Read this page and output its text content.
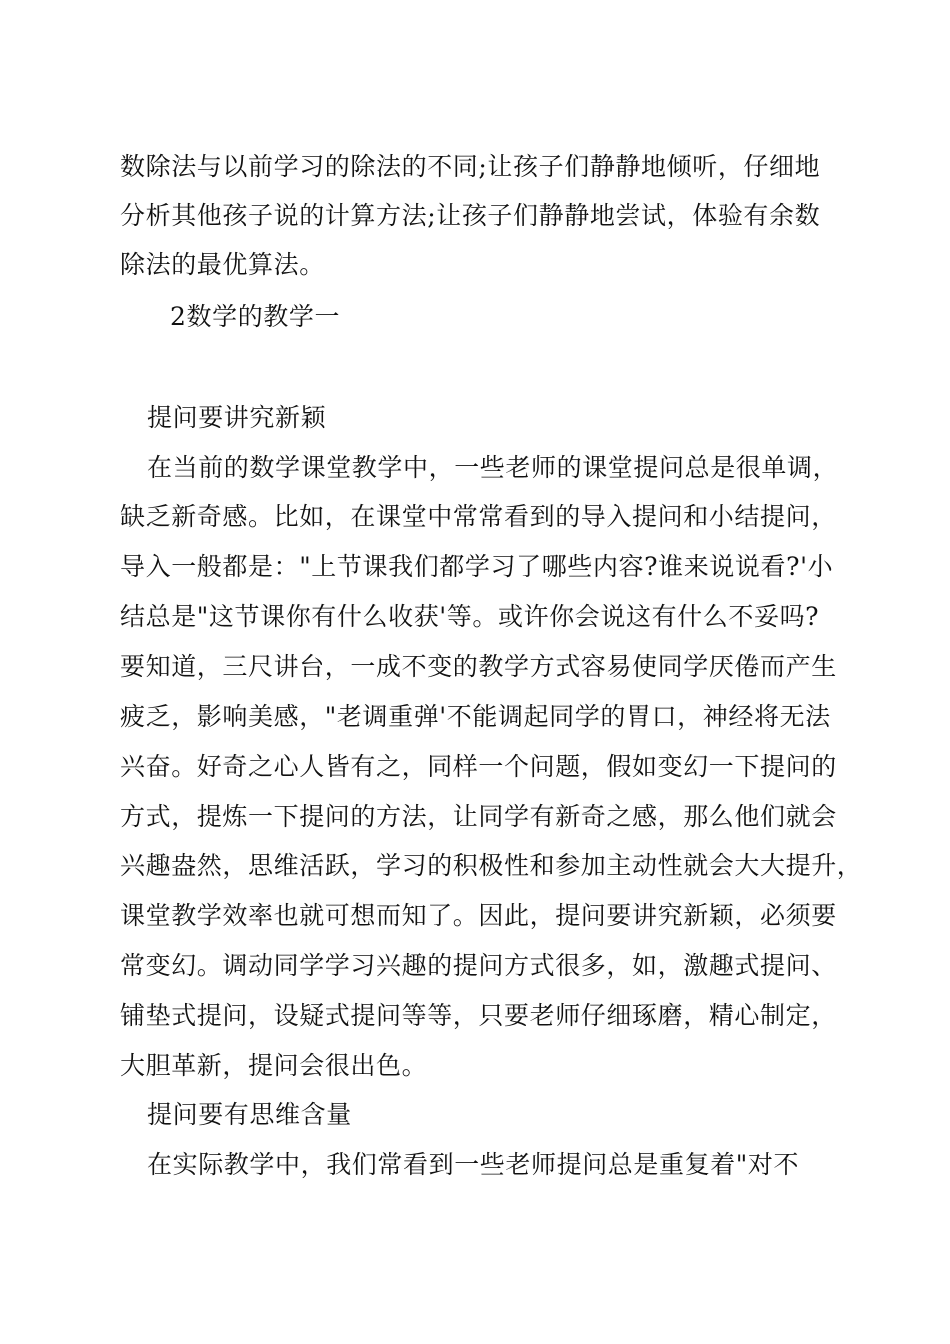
数除法与以前学习的除法的不同;让孩子们静静地倾听，仔细地
分析其他孩子说的计算方法;让孩子们静静地尝试，体验有余数
除法的最优算法。
2数学的教学一
提问要讲究新颖
在当前的数学课堂教学中，一些老师的课堂提问总是很单调，
缺乏新奇感。比如，在课堂中常常看到的导入提问和小结提问，
导入一般都是："上节课我们都学习了哪些内容?谁来说说看?'小
结总是"这节课你有什么收获'等。或许你会说这有什么不妥吗?
要知道，三尺讲台，一成不变的教学方式容易使同学厌倦而产生
疲乏，影响美感，"老调重弹'不能调起同学的胃口，神经将无法
兴奋。好奇之心人皆有之，同样一个问题，假如变幻一下提问的
方式，提炼一下提问的方法，让同学有新奇之感，那么他们就会
兴趣盎然，思维活跃，学习的积极性和参加主动性就会大大提升，
课堂教学效率也就可想而知了。因此，提问要讲究新颖，必须要
常变幻。调动同学学习兴趣的提问方式很多，如，激趣式提问、
铺垫式提问，设疑式提问等等，只要老师仔细琢磨，精心制定，
大胆革新，提问会很出色。
提问要有思维含量
在实际教学中，我们常看到一些老师提问总是重复着"对不
